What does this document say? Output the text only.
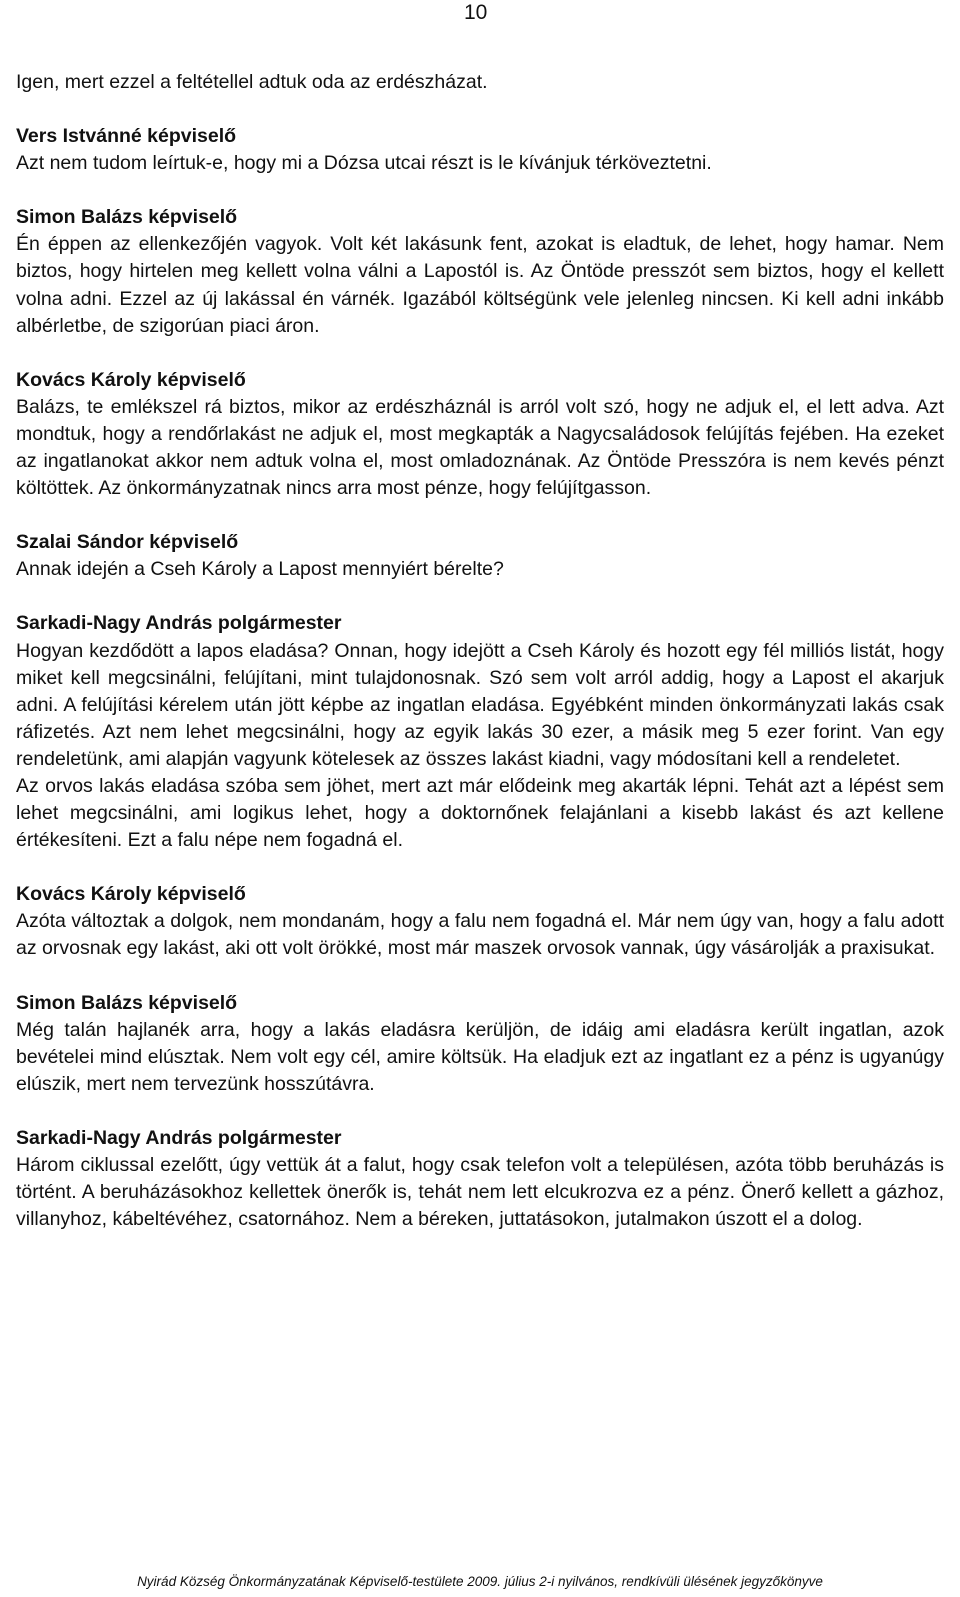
10

Igen, mert ezzel a feltétellel adtuk oda az erdészházat.

Vers Istvánné képviselő

Azt nem tudom leírtuk-e, hogy mi a Dózsa utcai részt is le kívánjuk térköveztetni.

Simon Balázs képviselő

Én éppen az ellenkezőjén vagyok. Volt két lakásunk fent, azokat is eladtuk, de lehet, hogy hamar. Nem biztos, hogy hirtelen meg kellett volna válni a Lapostól is. Az Öntöde presszót sem biztos, hogy el kellett volna adni. Ezzel az új lakással én várnék. Igazából költségünk vele jelenleg nincsen. Ki kell adni inkább albérletbe, de szigorúan piaci áron.

Kovács Károly képviselő

Balázs, te emlékszel rá biztos, mikor az erdészháznál is arról volt szó, hogy ne adjuk el, el lett adva. Azt mondtuk, hogy a rendőrlakást ne adjuk el, most megkapták a Nagycsaládosok felújítás fejében. Ha ezeket az ingatlanokat akkor nem adtuk volna el, most omladoznának. Az Öntöde Presszóra is nem kevés pénzt költöttek. Az önkormányzatnak nincs arra most pénze, hogy felújítgasson.

Szalai Sándor képviselő

Annak idején a Cseh Károly a Lapost mennyiért bérelte?

Sarkadi-Nagy András polgármester

Hogyan kezdődött a lapos eladása? Onnan, hogy idejött a Cseh Károly és hozott egy fél milliós listát, hogy miket kell megcsinálni, felújítani, mint tulajdonosnak. Szó sem volt arról addig, hogy a Lapost el akarjuk adni. A felújítási kérelem után jött képbe az ingatlan eladása. Egyébként minden önkormányzati lakás csak ráfizetés. Azt nem lehet megcsinálni, hogy az egyik lakás 30 ezer, a másik meg 5 ezer forint. Van egy rendeletünk, ami alapján vagyunk kötelesek az összes lakást kiadni, vagy módosítani kell a rendeletet.

Az orvos lakás eladása szóba sem jöhet, mert azt már elődeink meg akarták lépni. Tehát azt a lépést sem lehet megcsinálni, ami logikus lehet, hogy a doktornőnek felajánlani a kisebb lakást és azt kellene értékesíteni. Ezt a falu népe nem fogadná el.

Kovács Károly képviselő

Azóta változtak a dolgok, nem mondanám, hogy a falu nem fogadná el. Már nem úgy van, hogy a falu adott az orvosnak egy lakást, aki ott volt örökké, most már maszek orvosok vannak, úgy vásárolják a praxisukat.

Simon Balázs képviselő

Még talán hajlanék arra, hogy a lakás eladásra kerüljön, de idáig ami eladásra került ingatlan, azok bevételei mind elúsztak. Nem volt egy cél, amire költsük. Ha eladjuk ezt az ingatlant ez a pénz is ugyanúgy elúszik, mert nem tervezünk hosszútávra.

Sarkadi-Nagy András polgármester

Három ciklussal ezelőtt, úgy vettük át a falut, hogy csak telefon volt a településen, azóta több beruházás is történt. A beruházásokhoz kellettek önerők is, tehát nem lett elcukrozva ez a pénz. Önerő kellett a gázhoz, villanyhoz, kábeltévéhez, csatornához. Nem a béreken, juttatásokon, jutalmakon úszott el a dolog.

Nyirád Község Önkormányzatának Képviselő-testülete 2009. július 2-i nyilvános, rendkívüli ülésének jegyzőkönyve
